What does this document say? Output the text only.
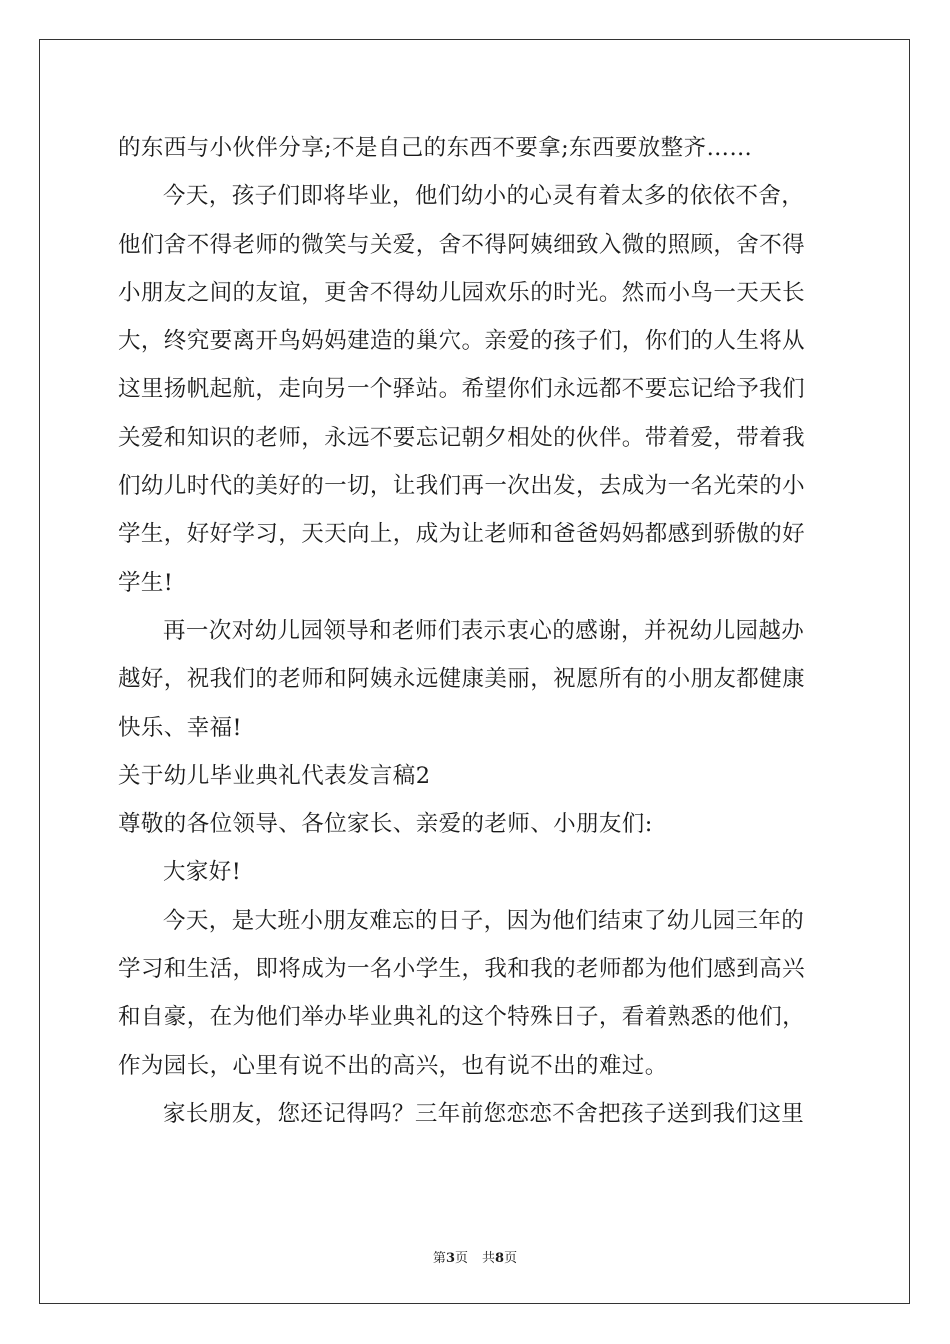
的东西与小伙伴分享;不是自己的东西不要拿;东西要放整齐……

今天，孩子们即将毕业，他们幼小的心灵有着太多的依依不舍，

他们舍不得老师的微笑与关爱，舍不得阿姨细致入微的照顾，舍不得

小朋友之间的友谊，更舍不得幼儿园欢乐的时光。然而小鸟一天天长

大，终究要离开鸟妈妈建造的巢穴。亲爱的孩子们，你们的人生将从

这里扬帆起航，走向另一个驿站。希望你们永远都不要忘记给予我们

关爱和知识的老师，永远不要忘记朝夕相处的伙伴。带着爱，带着我

们幼儿时代的美好的一切，让我们再一次出发，去成为一名光荣的小

学生，好好学习，天天向上，成为让老师和爸爸妈妈都感到骄傲的好

学生!

再一次对幼儿园领导和老师们表示衷心的感谢，并祝幼儿园越办

越好，祝我们的老师和阿姨永远健康美丽，祝愿所有的小朋友都健康

快乐、幸福!

关于幼儿毕业典礼代表发言稿2

尊敬的各位领导、各位家长、亲爱的老师、小朋友们:

大家好!

今天，是大班小朋友难忘的日子，因为他们结束了幼儿园三年的

学习和生活，即将成为一名小学生，我和我的老师都为他们感到高兴

和自豪，在为他们举办毕业典礼的这个特殊日子，看着熟悉的他们，

作为园长，心里有说不出的高兴，也有说不出的难过。

家长朋友，您还记得吗？三年前您恋恋不舍把孩子送到我们这里

第3页 共8页
